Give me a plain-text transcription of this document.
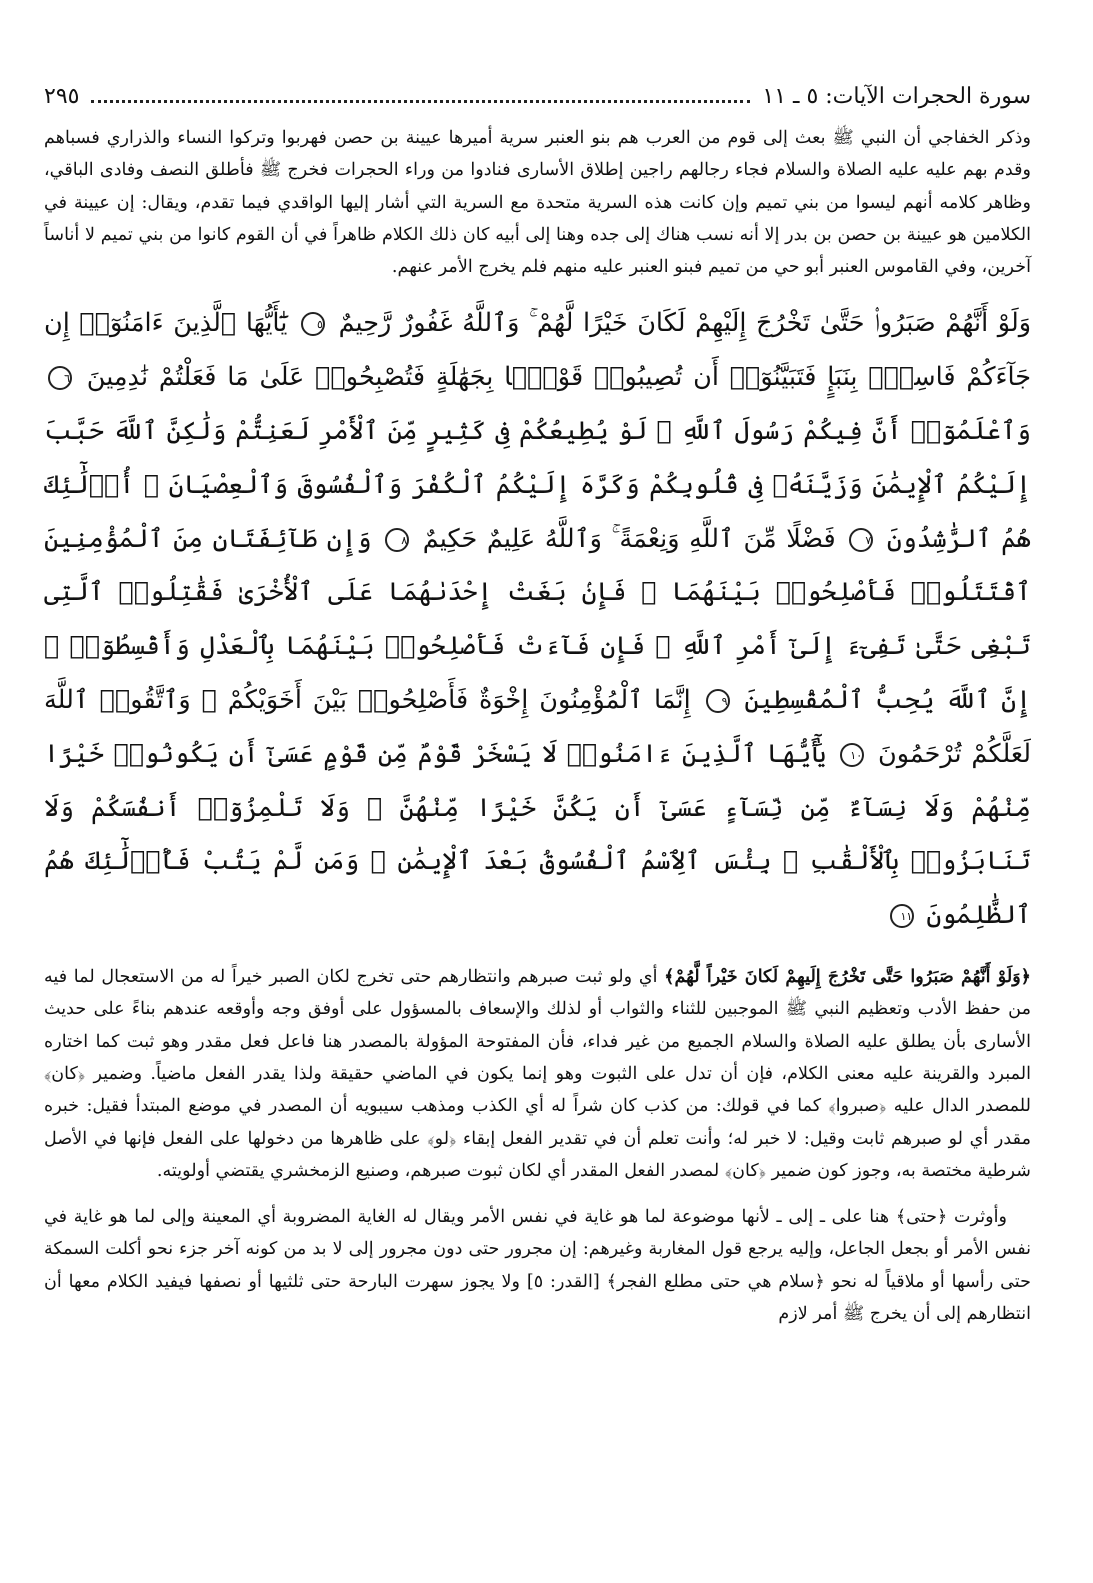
سورة الحجرات الآيات: ٥ ـ ١١
٢٩٥

وذكر الخفاجي أن النبي ﷺ بعث إلى قوم من العرب هم بنو العنبر سرية أميرها عيينة بن حصن فهربوا وتركوا النساء والذراري فسباهم وقدم بهم عليه عليه الصلاة والسلام فجاء رجالهم راجين إطلاق الأسارى فنادوا من وراء الحجرات فخرج ﷺ فأطلق النصف وفادى الباقي، وظاهر كلامه أنهم ليسوا من بني تميم وإن كانت هذه السرية متحدة مع السرية التي أشار إليها الواقدي فيما تقدم، ويقال: إن عيينة في الكلامين هو عيينة بن حصن بن بدر إلا أنه نسب هناك إلى جده وهنا إلى أبيه كان ذلك الكلام ظاهراً في أن القوم كانوا من بني تميم لا أناساً آخرين، وفي القاموس العنبر أبو حي من تميم فبنو العنبر عليه منهم فلم يخرج الأمر عنهم.

وَلَوْ أَنَّهُمْ صَبَرُوا۟ حَتَّىٰ تَخْرُجَ إِلَيْهِمْ لَكَانَ خَيْرًا لَّهُمْ ۚ وَٱللَّهُ غَفُورٌ رَّحِيمٌ ٥ يَٰٓأَيُّهَا ٱلَّذِينَ ءَامَنُوٓا۟ إِن جَآءَكُمْ فَاسِقٌۢ بِنَبَإٍ فَتَبَيَّنُوٓا۟ أَن تُصِيبُوا۟ قَوْمًۢا بِجَهَٰلَةٍ فَتُصْبِحُوا۟ عَلَىٰ مَا فَعَلْتُمْ نَٰدِمِينَ ٦ وَٱعْلَمُوٓا۟ أَنَّ فِيكُمْ رَسُولَ ٱللَّهِ ۚ لَوْ يُطِيعُكُمْ فِى كَثِيرٍ مِّنَ ٱلْأَمْرِ لَعَنِتُّمْ وَلَٰكِنَّ ٱللَّهَ حَبَّبَ إِلَيْكُمُ ٱلْإِيمَٰنَ وَزَيَّنَهُۥ فِى قُلُوبِكُمْ وَكَرَّهَ إِلَيْكُمُ ٱلْكُفْرَ وَٱلْفُسُوقَ وَٱلْعِصْيَانَ ۚ أُو۟لَٰٓئِكَ هُمُ ٱلرَّٰشِدُونَ ٧ فَضْلًا مِّنَ ٱللَّهِ وَنِعْمَةً ۚ وَٱللَّهُ عَلِيمٌ حَكِيمٌ ٨ وَإِن طَآئِفَتَانِ مِنَ ٱلْمُؤْمِنِينَ ٱقْتَتَلُوا۟ فَأَصْلِحُوا۟ بَيْنَهُمَا ۖ فَإِنۢ بَغَتْ إِحْدَىٰهُمَا عَلَى ٱلْأُخْرَىٰ فَقَٰتِلُوا۟ ٱلَّتِى تَبْغِى حَتَّىٰ تَفِىٓءَ إِلَىٰٓ أَمْرِ ٱللَّهِ ۚ فَإِن فَآءَتْ فَأَصْلِحُوا۟ بَيْنَهُمَا بِٱلْعَدْلِ وَأَقْسِطُوٓا۟ ۖ إِنَّ ٱللَّهَ يُحِبُّ ٱلْمُقْسِطِينَ ٩ إِنَّمَا ٱلْمُؤْمِنُونَ إِخْوَةٌ فَأَصْلِحُوا۟ بَيْنَ أَخَوَيْكُمْ ۚ وَٱتَّقُوا۟ ٱللَّهَ لَعَلَّكُمْ تُرْحَمُونَ ١٠ يَٰٓأَيُّهَا ٱلَّذِينَ ءَامَنُوا۟ لَا يَسْخَرْ قَوْمٌ مِّن قَوْمٍ عَسَىٰٓ أَن يَكُونُوا۟ خَيْرًا مِّنْهُمْ وَلَا نِسَآءٌ مِّن نِّسَآءٍ عَسَىٰٓ أَن يَكُنَّ خَيْرًا مِّنْهُنَّ ۖ وَلَا تَلْمِزُوٓا۟ أَنفُسَكُمْ وَلَا تَنَابَزُوا۟ بِٱلْأَلْقَٰبِ ۖ بِئْسَ ٱلِٱسْمُ ٱلْفُسُوقُ بَعْدَ ٱلْإِيمَٰنِ ۚ وَمَن لَّمْ يَتُبْ فَأُو۟لَٰٓئِكَ هُمُ ٱلظَّٰلِمُونَ ١١

﴿وَلَوْ أَنَّهُمْ صَبَرُوا حَتَّى تَخْرُجَ إِلَيهِمْ لَكانَ خَيْراً لَّهُمْ﴾ أي ولو ثبت صبرهم وانتظارهم حتى تخرج لكان الصبر خيراً له من الاستعجال لما فيه من حفظ الأدب وتعظيم النبي ﷺ الموجبين للثناء والثواب أو لذلك والإسعاف بالمسؤول على أوفق وجه وأوقعه عندهم بناءً على حديث الأسارى بأن يطلق عليه الصلاة والسلام الجميع من غير فداء، فأن المفتوحة المؤولة بالمصدر هنا فاعل فعل مقدر وهو ثبت كما اختاره المبرد والقرينة عليه معنى الكلام، فإن أن تدل على الثبوت وهو إنما يكون في الماضي حقيقة ولذا يقدر الفعل ماضياً. وضمير ﴿كان﴾ للمصدر الدال عليه ﴿صبروا﴾ كما في قولك: من كذب كان شراً له أي الكذب ومذهب سيبويه أن المصدر في موضع المبتدأ فقيل: خبره مقدر أي لو صبرهم ثابت وقيل: لا خبر له؛ وأنت تعلم أن في تقدير الفعل إبقاء ﴿لو﴾ على ظاهرها من دخولها على الفعل فإنها في الأصل شرطية مختصة به، وجوز كون ضمير ﴿كان﴾ لمصدر الفعل المقدر أي لكان ثبوت صبرهم، وصنيع الزمخشري يقتضي أولويته.

وأوثرت ﴿حتى﴾ هنا على ـ إلى ـ لأنها موضوعة لما هو غاية في نفس الأمر ويقال له الغاية المضروبة أي المعينة وإلى لما هو غاية في نفس الأمر أو بجعل الجاعل، وإليه يرجع قول المغاربة وغيرهم: إن مجرور حتى دون مجرور إلى لا بد من كونه آخر جزء نحو أكلت السمكة حتى رأسها أو ملاقياً له نحو ﴿سلام هي حتى مطلع الفجر﴾ [القدر: ٥] ولا يجوز سهرت البارحة حتى ثلثيها أو نصفها فيفيد الكلام معها أن انتظارهم إلى أن يخرج ﷺ أمر لازم
